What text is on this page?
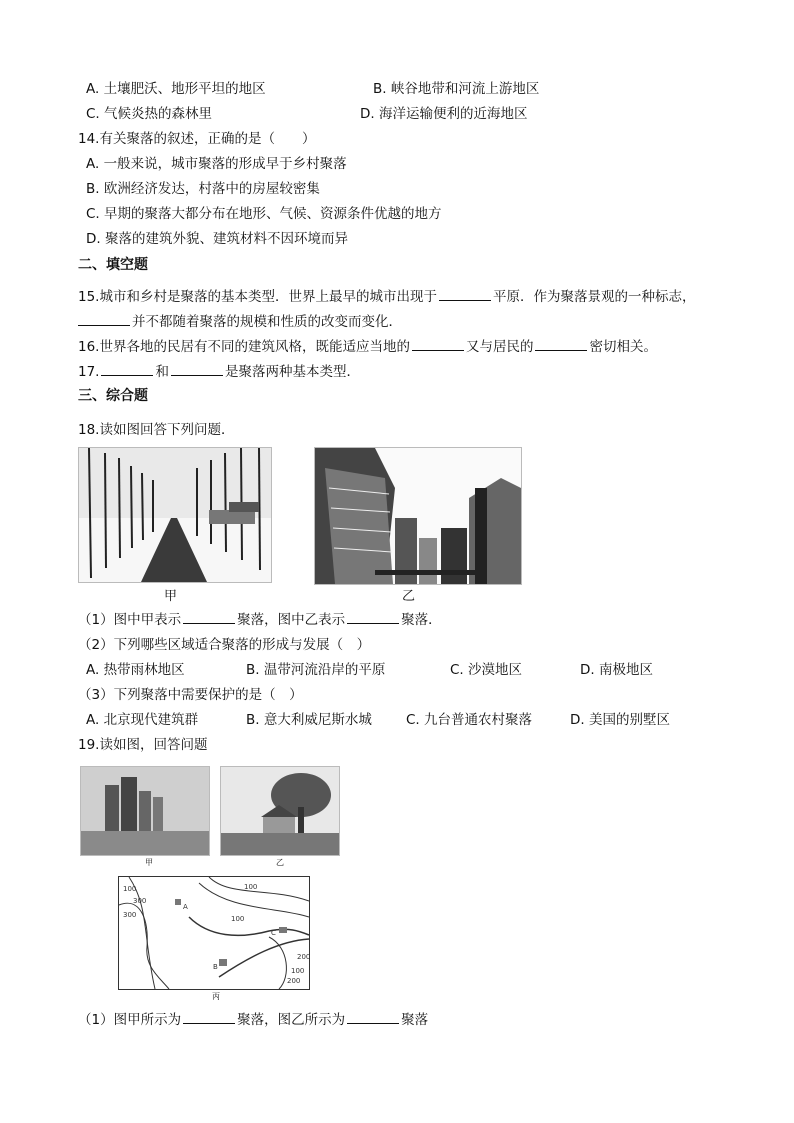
A. 土壤肥沃、地形平坦的地区	B. 峡谷地带和河流上游地区
C. 气候炎热的森林里	D. 海洋运输便利的近海地区
14.有关聚落的叙述，正确的是（　　）
A. 一般来说，城市聚落的形成早于乡村聚落
B. 欧洲经济发达，村落中的房屋较密集
C. 早期的聚落大都分布在地形、气候、资源条件优越的地方
D. 聚落的建筑外貌、建筑材料不因环境而异
二、填空题
15.城市和乡村是聚落的基本类型．世界上最早的城市出现于	平原．作为聚落景观的一种标志，
并不都随着聚落的规模和性质的改变而变化．
16.世界各地的民居有不同的建筑风格，既能适应当地的	又与居民的	密切相关。
17.	和	是聚落两种基本类型．
三、综合题
18.读如图回答下列问题．
甲	乙
（1）图中甲表示	聚落，图中乙表示	聚落．
（2）下列哪些区域适合聚落的形成与发展（　）
A. 热带雨林地区	B. 温带河流沿岸的平原	C. 沙漠地区	D. 南极地区
（3）下列聚落中需要保护的是（　）
A. 北京现代建筑群	B. 意大利威尼斯水城	C. 九台普通农村聚落	D. 美国的别墅区
19.读如图，回答问题
甲	乙
100
300
300
100
100
A
B
C
200
100
200
丙
（1）图甲所示为	聚落，图乙所示为	聚落
